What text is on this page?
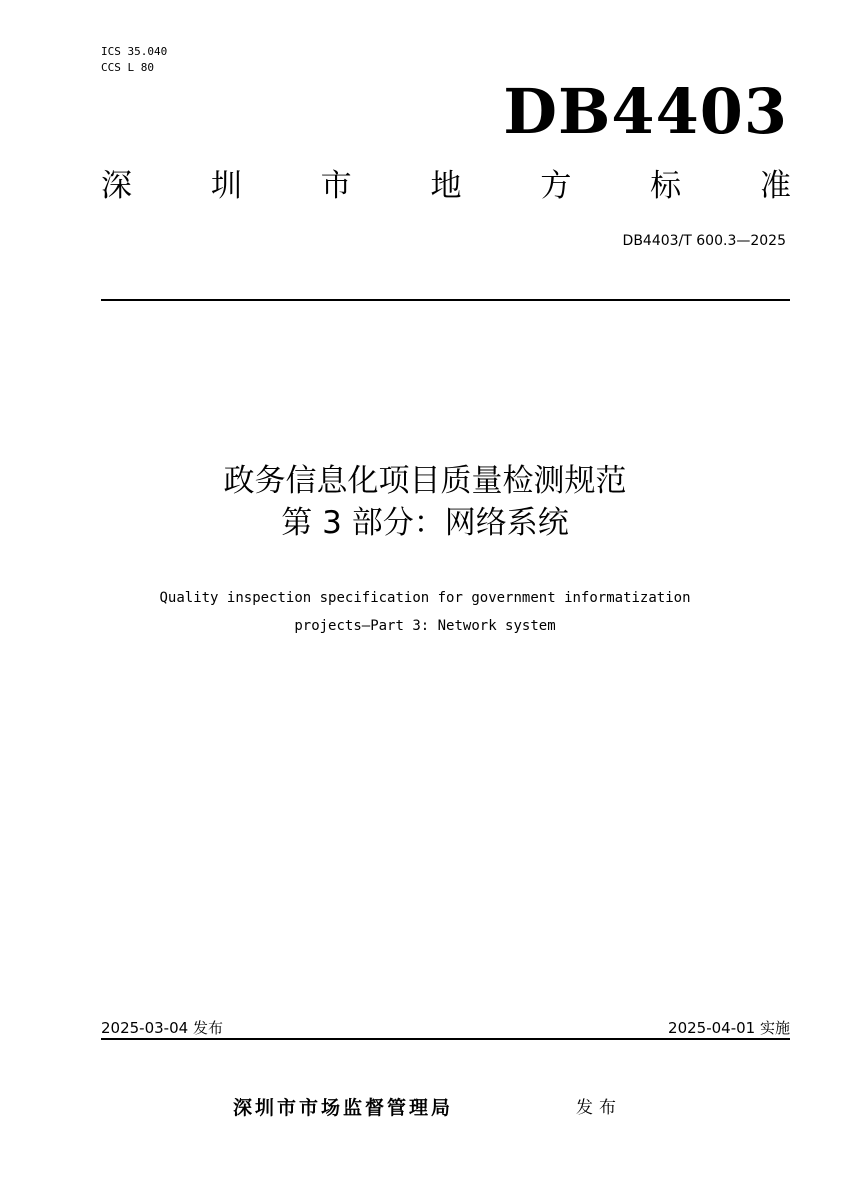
ICS 35.040
CCS L 80
DB4403
深	圳	市	地	方	标	准
DB4403/T 600.3—2025
政务信息化项目质量检测规范
第 3 部分：网络系统
Quality inspection specification for government informatization
projects—Part 3: Network system
2025-03-04 发布	2025-04-01 实施
深圳市市场监督管理局	发布
